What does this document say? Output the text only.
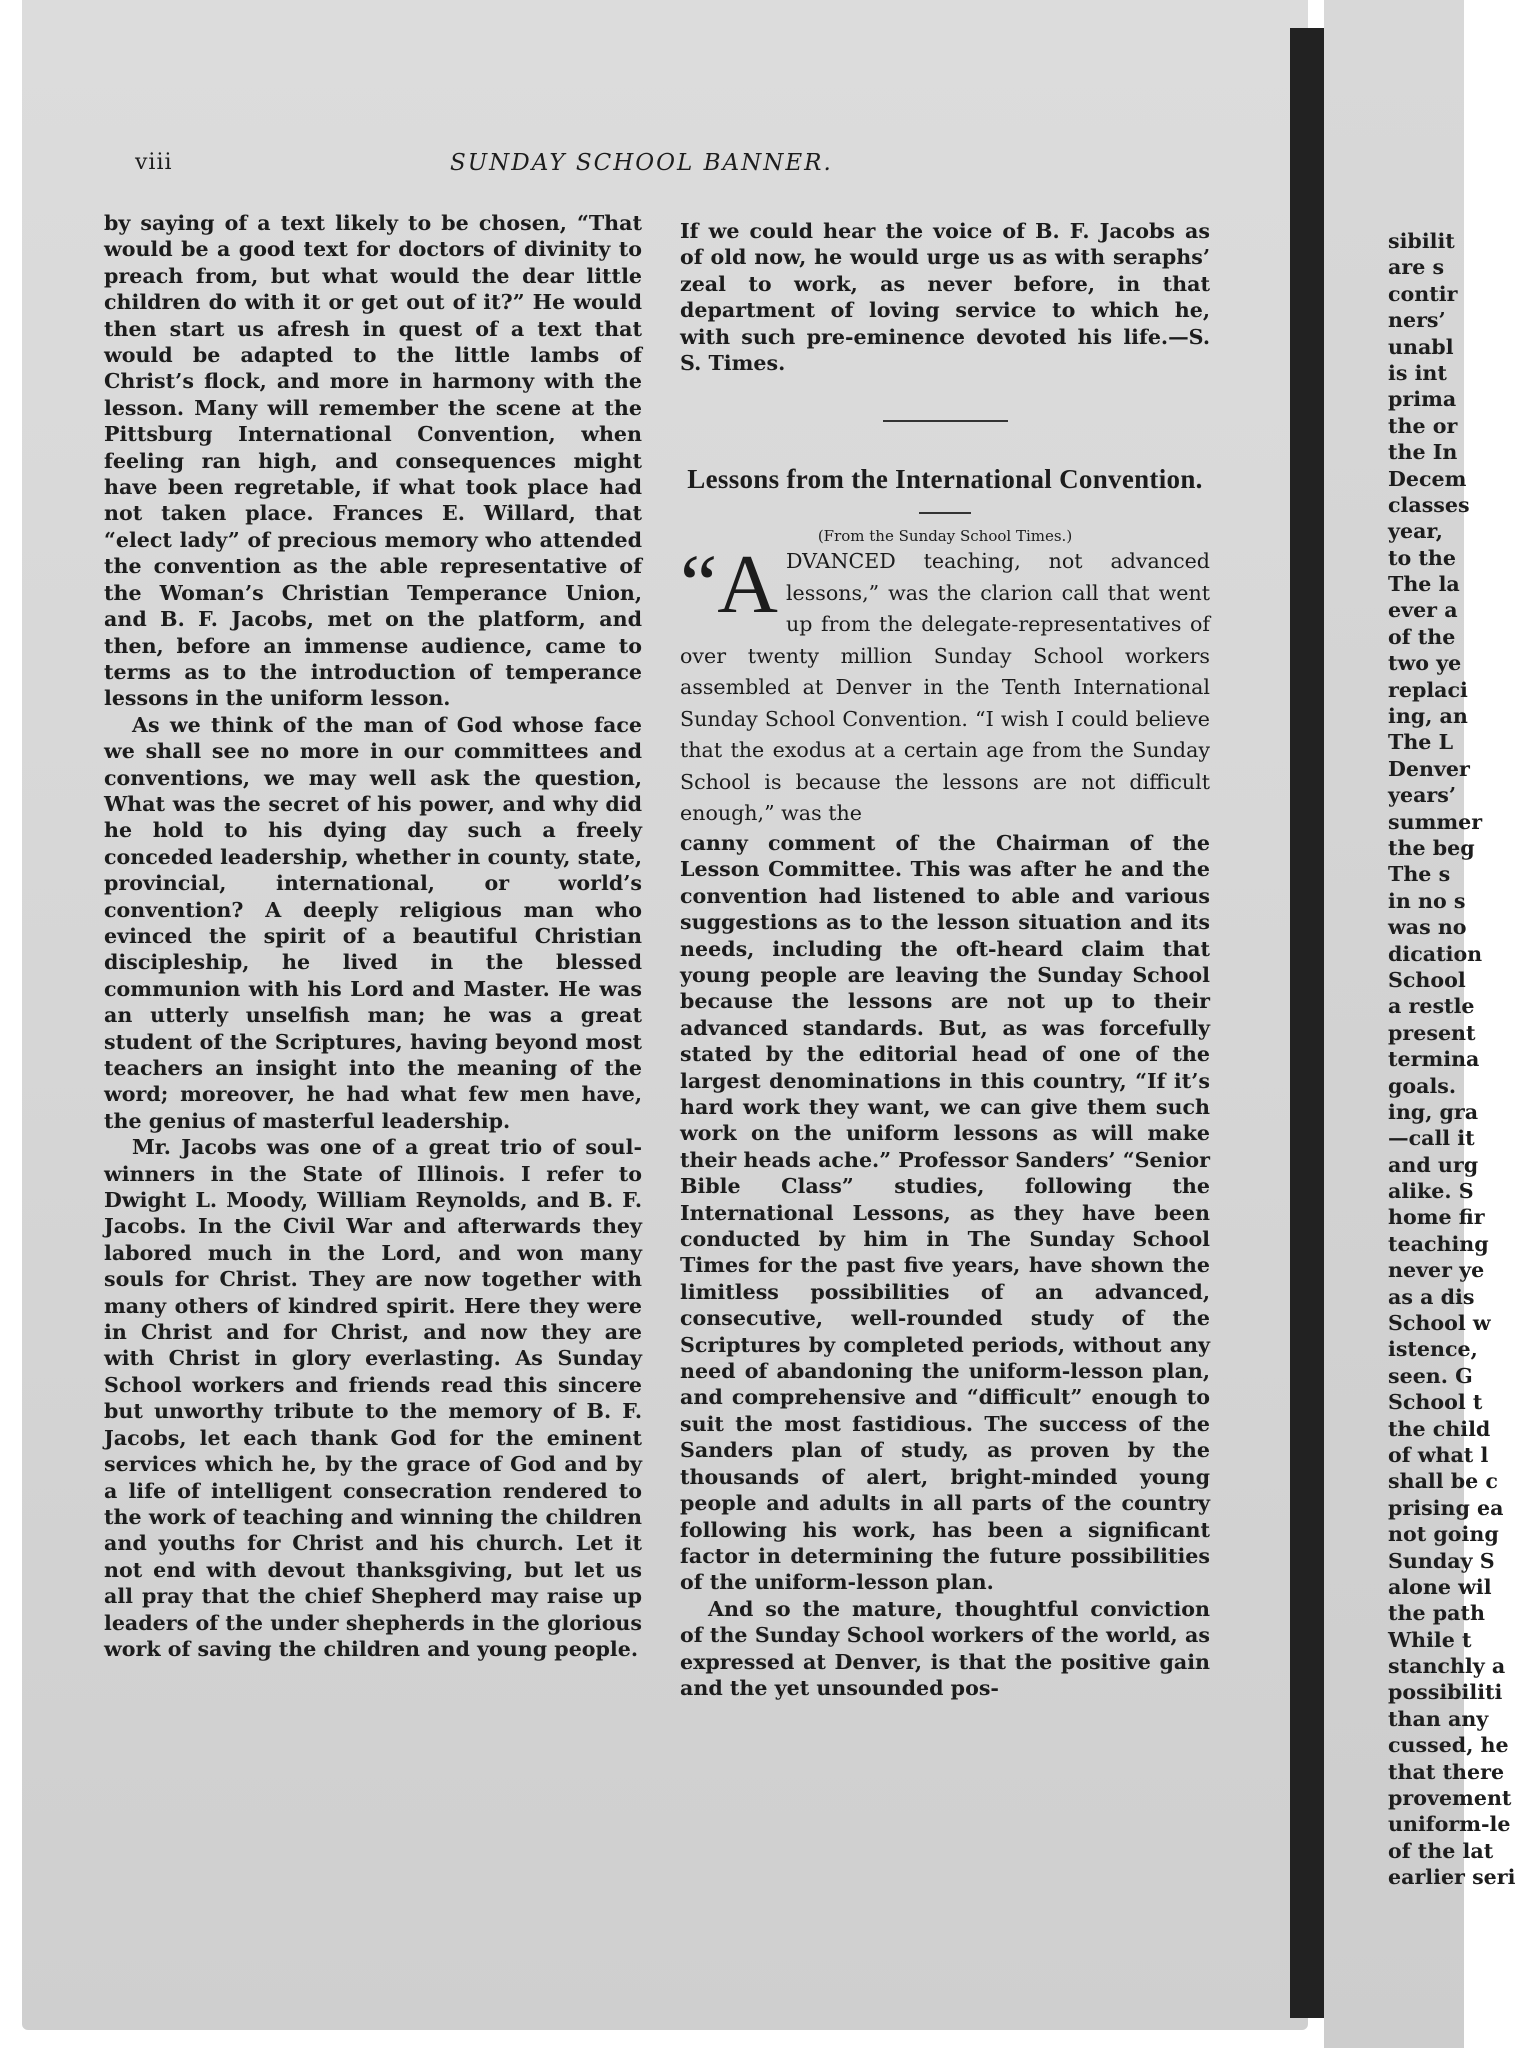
viii	SUNDAY SCHOOL BANNER.

by saying of a text likely to be chosen, “That would be a good text for doctors of divinity to preach from, but what would the dear little children do with it or get out of it?” He would then start us afresh in quest of a text that would be adapted to the little lambs of Christ’s flock, and more in harmony with the lesson. Many will remember the scene at the Pittsburg International Convention, when feeling ran high, and consequences might have been regretable, if what took place had not taken place. Frances E. Willard, that “elect lady” of precious memory who attended the convention as the able representative of the Woman’s Christian Temperance Union, and B. F. Jacobs, met on the platform, and then, before an immense audience, came to terms as to the introduction of temperance lessons in the uniform lesson.

As we think of the man of God whose face we shall see no more in our committees and conventions, we may well ask the question, What was the secret of his power, and why did he hold to his dying day such a freely conceded leadership, whether in county, state, provincial, international, or world’s convention? A deeply religious man who evinced the spirit of a beautiful Christian discipleship, he lived in the blessed communion with his Lord and Master. He was an utterly unselfish man; he was a great student of the Scriptures, having beyond most teachers an insight into the meaning of the word; moreover, he had what few men have, the genius of masterful leadership.

Mr. Jacobs was one of a great trio of soul-winners in the State of Illinois. I refer to Dwight L. Moody, William Reynolds, and B. F. Jacobs. In the Civil War and afterwards they labored much in the Lord, and won many souls for Christ. They are now together with many others of kindred spirit. Here they were in Christ and for Christ, and now they are with Christ in glory everlasting. As Sunday School workers and friends read this sincere but unworthy tribute to the memory of B. F. Jacobs, let each thank God for the eminent services which he, by the grace of God and by a life of intelligent consecration rendered to the work of teaching and winning the children and youths for Christ and his church. Let it not end with devout thanksgiving, but let us all pray that the chief Shepherd may raise up leaders of the under shepherds in the glorious work of saving the children and young people.

If we could hear the voice of B. F. Jacobs as of old now, he would urge us as with seraphs’ zeal to work, as never before, in that department of loving service to which he, with such pre-eminence devoted his life.—S. S. Times.

Lessons from the International Convention.

(From the Sunday School Times.)

“A DVANCED teaching, not advanced lessons,” was the clarion call that went up from the delegate-representatives of over twenty million Sunday School workers assembled at Denver in the Tenth International Sunday School Convention. “I wish I could believe that the exodus at a certain age from the Sunday School is because the lessons are not difficult enough,” was the

canny comment of the Chairman of the Lesson Committee. This was after he and the convention had listened to able and various suggestions as to the lesson situation and its needs, including the oft-heard claim that young people are leaving the Sunday School because the lessons are not up to their advanced standards. But, as was forcefully stated by the editorial head of one of the largest denominations in this country, “If it’s hard work they want, we can give them such work on the uniform lessons as will make their heads ache.” Professor Sanders’ “Senior Bible Class” studies, following the International Lessons, as they have been conducted by him in The Sunday School Times for the past five years, have shown the limitless possibilities of an advanced, consecutive, well-rounded study of the Scriptures by completed periods, without any need of abandoning the uniform-lesson plan, and comprehensive and “difficult” enough to suit the most fastidious. The success of the Sanders plan of study, as proven by the thousands of alert, bright-minded young people and adults in all parts of the country following his work, has been a significant factor in determining the future possibilities of the uniform-lesson plan.

And so the mature, thoughtful conviction of the Sunday School workers of the world, as expressed at Denver, is that the positive gain and the yet unsounded pos-

sibilit
are s
contir
ners’
unabl
is int
prima
the or
the In
Decem
classes
year,
to the
The la
ever a
of the
two ye
replaci
ing, an
The L
Denver
years’
summer
the beg
The s
in no s
was no
dication
School
a restle
present
termina
goals.
ing, gra
—call it
and urg
alike. S
home fir
teaching
never ye
as a dis
School w
istence,
seen. G
School t
the child
of what l
shall be c
prising ea
not going
Sunday S
alone wil
the path
While t
stanchly a
possibiliti
than any
cussed, he
that there
provement
uniform-le
of the lat
earlier seri
